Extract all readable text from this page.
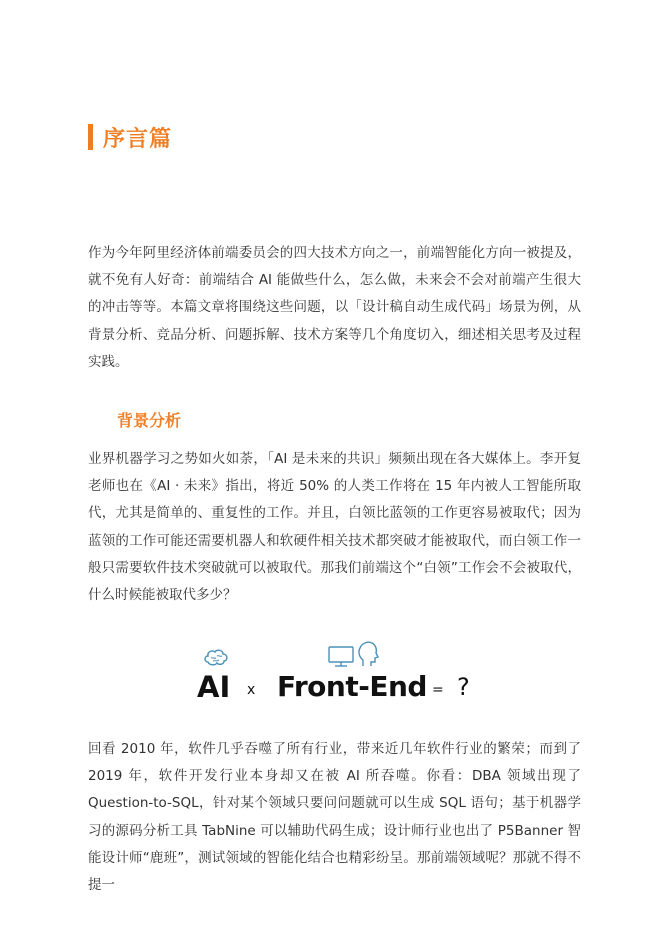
序言篇

作为今年阿里经济体前端委员会的四大技术方向之一，前端智能化方向一被提及，就不免有人好奇：前端结合 AI 能做些什么，怎么做，未来会不会对前端产生很大的冲击等等。本篇文章将围绕这些问题，以「设计稿自动生成代码」场景为例，从背景分析、竞品分析、问题拆解、技术方案等几个角度切入，细述相关思考及过程实践。

背景分析

业界机器学习之势如火如荼，「AI 是未来的共识」频频出现在各大媒体上。李开复老师也在《AI · 未来》指出，将近 50% 的人类工作将在 15 年内被人工智能所取代，尤其是简单的、重复性的工作。并且，白领比蓝领的工作更容易被取代；因为蓝领的工作可能还需要机器人和软硬件相关技术都突破才能被取代，而白领工作一般只需要软件技术突破就可以被取代。那我们前端这个“白领”工作会不会被取代，什么时候能被取代多少？

AI x Front-End = ?

回看 2010 年，软件几乎吞噬了所有行业，带来近几年软件行业的繁荣；而到了 2019 年，软件开发行业本身却又在被 AI 所吞噬。你看：DBA 领域出现了 Question-to-SQL，针对某个领域只要问问题就可以生成 SQL 语句；基于机器学习的源码分析工具 TabNine 可以辅助代码生成；设计师行业也出了 P5Banner 智能设计师“鹿班”，测试领域的智能化结合也精彩纷呈。那前端领域呢？那就不得不提一
